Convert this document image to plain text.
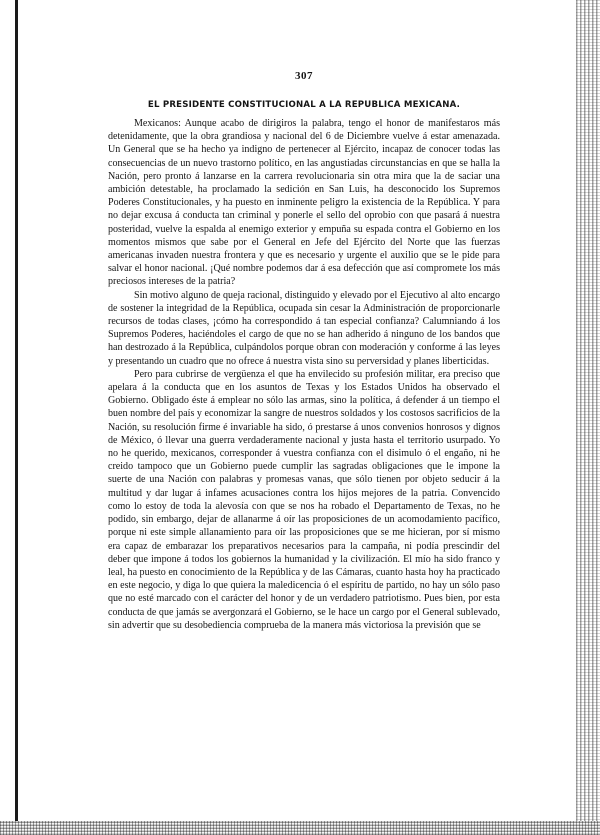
307
EL PRESIDENTE CONSTITUCIONAL A LA REPUBLICA MEXICANA.

Mexicanos: Aunque acabo de dirigiros la palabra, tengo el honor de manifestaros más detenidamente, que la obra grandiosa y nacional del 6 de Diciembre vuelve á estar amenazada. Un General que se ha hecho ya indigno de pertenecer al Ejército, incapaz de conocer todas las consecuencias de un nuevo trastorno político, en las angustiadas circunstancias en que se halla la Nación, pero pronto á lanzarse en la carrera revolucionaria sin otra mira que la de saciar una ambición detestable, ha proclamado la sedición en San Luis, ha desconocido los Supremos Poderes Constitucionales, y ha puesto en inminente peligro la existencia de la República. Y para no dejar excusa á conducta tan criminal y ponerle el sello del oprobio con que pasará á nuestra posteridad, vuelve la espalda al enemigo exterior y empuña su espada contra el Gobierno en los momentos mismos que sabe por el General en Jefe del Ejército del Norte que las fuerzas americanas invaden nuestra frontera y que es necesario y urgente el auxilio que se le pide para salvar el honor nacional. ¡Qué nombre podemos dar á esa defección que así compromete los más preciosos intereses de la patria?

Sin motivo alguno de queja racional, distinguido y elevado por el Ejecutivo al alto encargo de sostener la integridad de la República, ocupada sin cesar la Administración de proporcionarle recursos de todas clases, ¡cómo ha correspondido á tan especial confianza? Calumniando á los Supremos Poderes, haciéndoles el cargo de que no se han adherido á ninguno de los bandos que han destrozado á la República, culpándolos porque obran con moderación y conforme á las leyes y presentando un cuadro que no ofrece á nuestra vista sino su perversidad y planes liberticidas.

Pero para cubrirse de vergüenza el que ha envilecido su profesión militar, era preciso que apelara á la conducta que en los asuntos de Texas y los Estados Unidos ha observado el Gobierno. Obligado éste á emplear no sólo las armas, sino la política, á defender á un tiempo el buen nombre del país y economizar la sangre de nuestros soldados y los costosos sacrificios de la Nación, su resolución firme é invariable ha sido, ó prestarse á unos convenios honrosos y dignos de México, ó llevar una guerra verdaderamente nacional y justa hasta el territorio usurpado. Yo no he querido, mexicanos, corresponder á vuestra confianza con el disimulo ó el engaño, ni he creido tampoco que un Gobierno puede cumplir las sagradas obligaciones que le impone la suerte de una Nación con palabras y promesas vanas, que sólo tienen por objeto seducir á la multitud y dar lugar á infames acusaciones contra los hijos mejores de la patria. Convencido como lo estoy de toda la alevosía con que se nos ha robado el Departamento de Texas, no he podido, sin embargo, dejar de allanarme á oír las proposiciones de un acomodamiento pacífico, porque ni este simple allanamiento para oír las proposiciones que se me hicieran, por sí mismo era capaz de embarazar los preparativos necesarios para la campaña, ni podía prescindir del deber que impone á todos los gobiernos la humanidad y la civilización. El mío ha sido franco y leal, ha puesto en conocimiento de la República y de las Cámaras, cuanto hasta hoy ha practicado en este negocio, y diga lo que quiera la maledicencia ó el espíritu de partido, no hay un sólo paso que no esté marcado con el carácter del honor y de un verdadero patriotismo. Pues bien, por esta conducta de que jamás se avergonzará el Gobierno, se le hace un cargo por el General sublevado, sin advertir que su desobediencia comprueba de la manera más victoriosa la previsión que se
